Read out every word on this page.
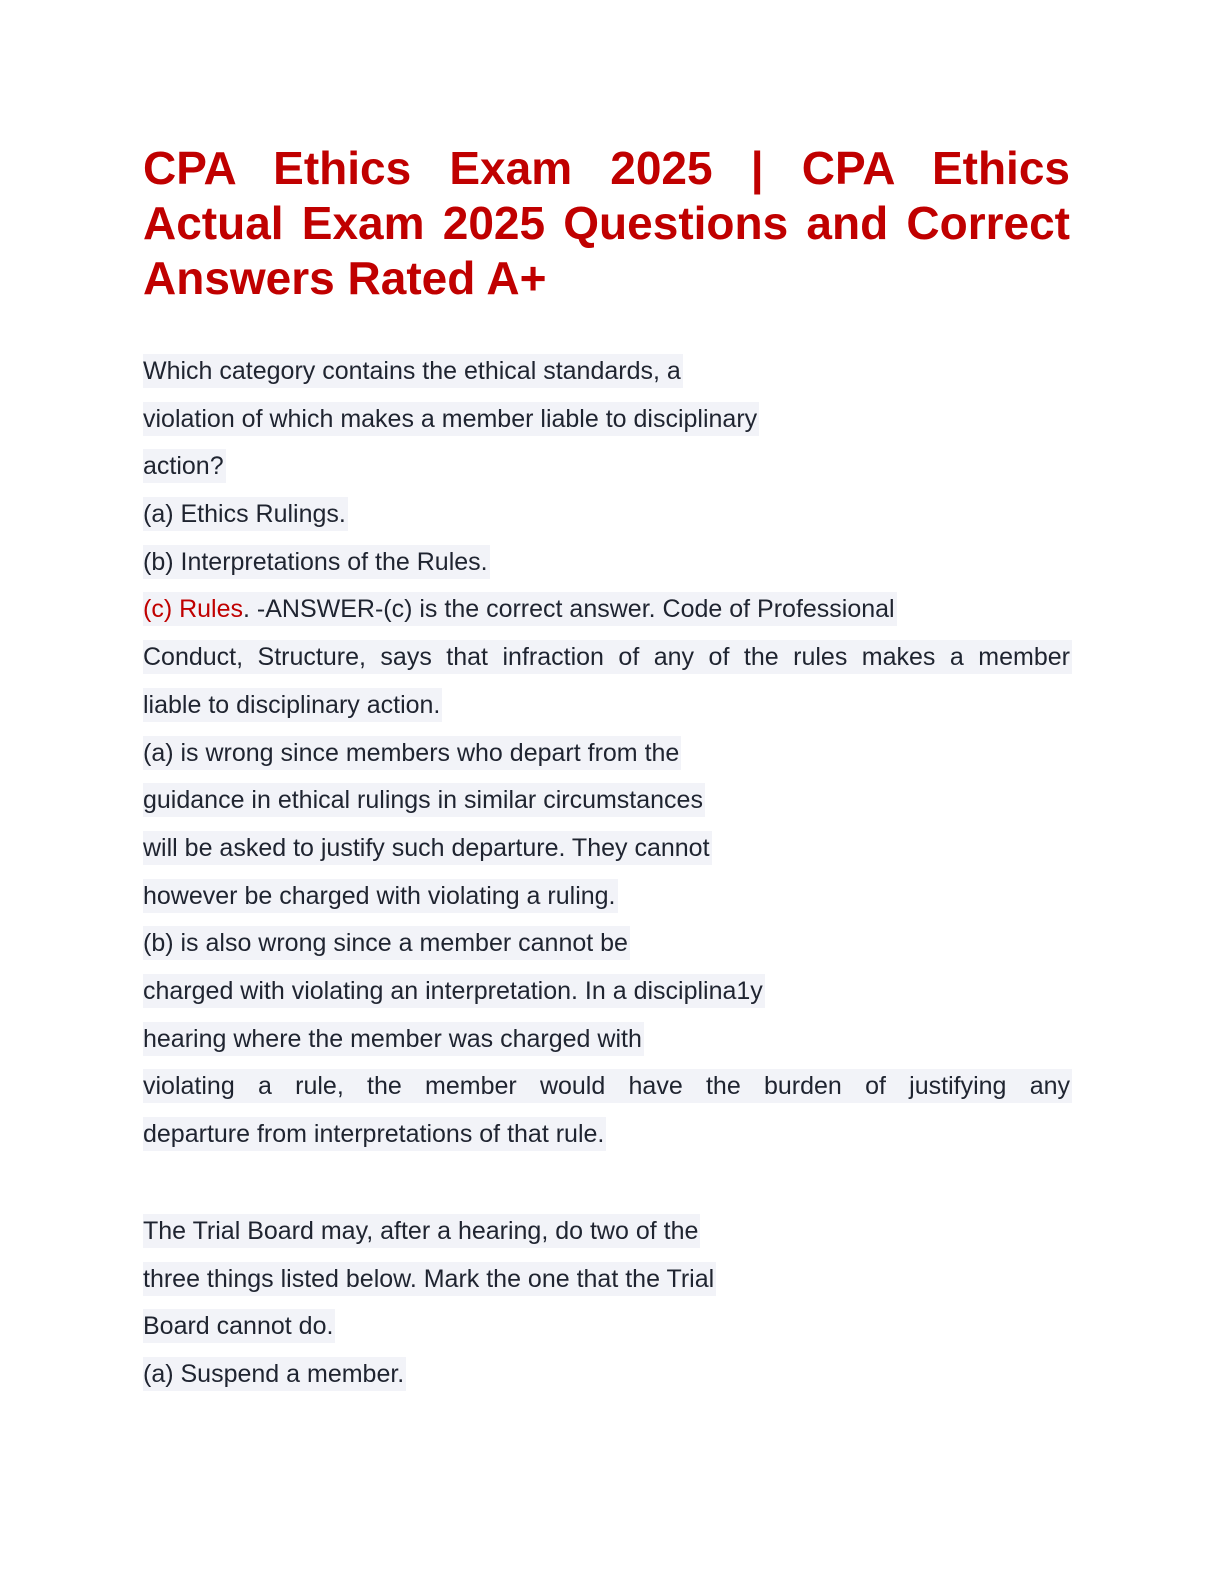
CPA Ethics Exam 2025 | CPA Ethics
Actual Exam 2025 Questions and Correct
Answers Rated A+
Which category contains the ethical standards, a
violation of which makes a member liable to disciplinary
action?
(a) Ethics Rulings.
(b) Interpretations of the Rules.
(c) Rules. -ANSWER-(c) is the correct answer. Code of Professional
Conduct, Structure, says that infraction of any of the rules makes a member
liable to disciplinary action.
(a) is wrong since members who depart from the
guidance in ethical rulings in similar circumstances
will be asked to justify such departure. They cannot
however be charged with violating a ruling.
(b) is also wrong since a member cannot be
charged with violating an interpretation. In a disciplina1y
hearing where the member was charged with
violating a rule, the member would have the burden of justifying any
departure from interpretations of that rule.
The Trial Board may, after a hearing, do two of the
three things listed below. Mark the one that the Trial
Board cannot do.
(a) Suspend a member.
